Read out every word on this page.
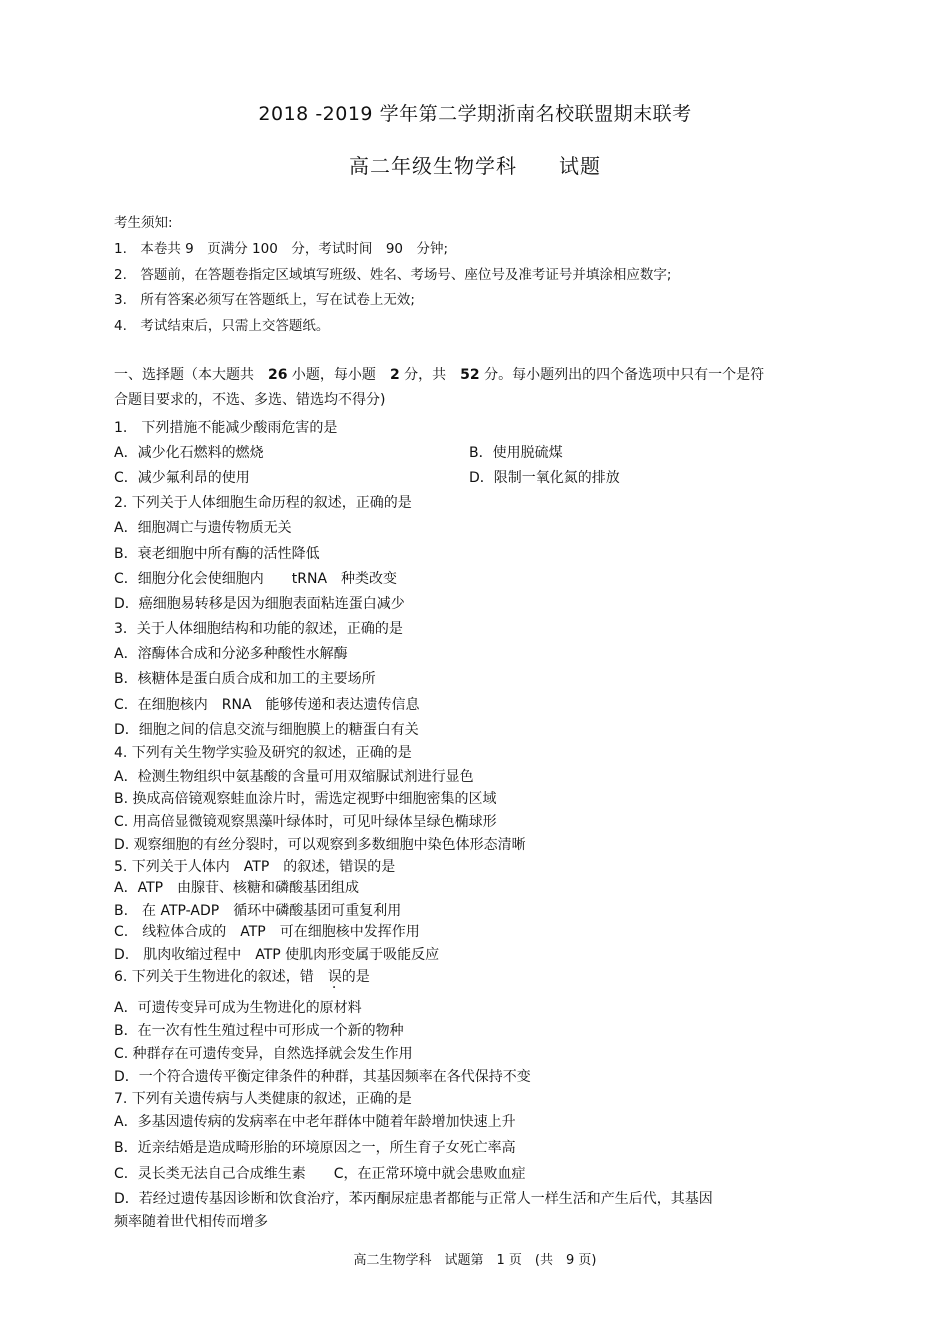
2018 -2019 学年第二学期浙南名校联盟期末联考
高二年级生物学科　　试题
考生须知:
1.　本卷共 9　页满分 100　分，考试时间　90　分钟;
2.　答题前，在答题卷指定区域填写班级、姓名、考场号、座位号及准考证号并填涂相应数字;
3.　所有答案必须写在答题纸上，写在试卷上无效;
4.　考试结束后，只需上交答题纸。
一、选择题（本大题共　26 小题，每小题　2 分，共　52 分。每小题列出的四个备选项中只有一个是符
合题目要求的，不选、多选、错选均不得分)
1.　下列措施不能减少酸雨危害的是
A．减少化石燃料的燃烧	B．使用脱硫煤
C．减少氟利昂的使用	D．限制一氧化氮的排放
2. 下列关于人体细胞生命历程的叙述，正确的是
A．细胞凋亡与遗传物质无关
B．衰老细胞中所有酶的活性降低
C．细胞分化会使细胞内　　tRNA　种类改变
D．癌细胞易转移是因为细胞表面粘连蛋白减少
3．关于人体细胞结构和功能的叙述，正确的是
A．溶酶体合成和分泌多种酸性水解酶
B．核糖体是蛋白质合成和加工的主要场所
C．在细胞核内　RNA　能够传递和表达遗传信息
D．细胞之间的信息交流与细胞膜上的糖蛋白有关
4. 下列有关生物学实验及研究的叙述，正确的是
A．检测生物组织中氨基酸的含量可用双缩脲试剂进行显色
B. 换成高倍镜观察蛙血涂片时，需选定视野中细胞密集的区域
C. 用高倍显微镜观察黑藻叶绿体时，可见叶绿体呈绿色椭球形
D. 观察细胞的有丝分裂时，可以观察到多数细胞中染色体形态清晰
5. 下列关于人体内　ATP　的叙述，错误的是
A．ATP　由腺苷、核糖和磷酸基团组成
B.　在 ATP-ADP　循环中磷酸基团可重复利用
C.　线粒体合成的　ATP　可在细胞核中发挥作用
D.　肌肉收缩过程中　ATP 使肌肉形变属于吸能反应
6. 下列关于生物进化的叙述，错　误的是
A．可遗传变异可成为生物进化的原材料
B．在一次有性生殖过程中可形成一个新的物种
C. 种群存在可遗传变异，自然选择就会发生作用
D．一个符合遗传平衡定律条件的种群，其基因频率在各代保持不变
7. 下列有关遗传病与人类健康的叙述，正确的是
A．多基因遗传病的发病率在中老年群体中随着年龄增加快速上升
B．近亲结婚是造成畸形胎的环境原因之一，所生育子女死亡率高
C．灵长类无法自己合成维生素　　C，在正常环境中就会患败血症
D．若经过遗传基因诊断和饮食治疗，苯丙酮尿症患者都能与正常人一样生活和产生后代，其基因
频率随着世代相传而增多
高二生物学科　试题第　1 页　(共　9 页)
